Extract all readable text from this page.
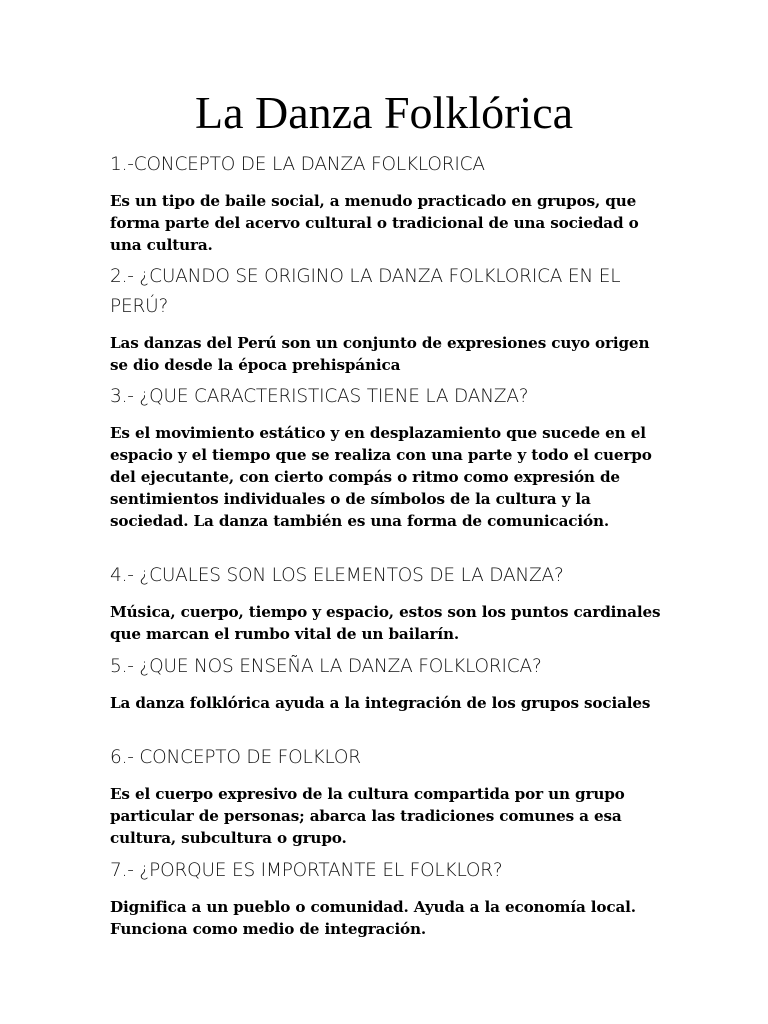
La Danza Folklórica

1.-CONCEPTO DE LA DANZA FOLKLORICA

Es un tipo de baile social, a menudo practicado en grupos, que forma parte del acervo cultural o tradicional de una sociedad o una cultura.

2.- ¿CUANDO SE ORIGINO LA DANZA FOLKLORICA EN EL PERÚ?

Las danzas del Perú son un conjunto de expresiones cuyo origen se dio desde la época prehispánica

3.- ¿QUE CARACTERISTICAS TIENE LA DANZA?

Es el movimiento estático y en desplazamiento que sucede en el espacio y el tiempo que se realiza con una parte y todo el cuerpo del ejecutante, con cierto compás o ritmo como expresión de sentimientos individuales o de símbolos de la cultura y la sociedad. La danza también es una forma de comunicación.

4.- ¿CUALES SON LOS ELEMENTOS DE LA DANZA?

Música, cuerpo, tiempo y espacio, estos son los puntos cardinales que marcan el rumbo vital de un bailarín.

5.- ¿QUE NOS ENSEÑA LA DANZA FOLKLORICA?

La danza folklórica ayuda a la integración de los grupos sociales

6.- CONCEPTO DE FOLKLOR

Es el cuerpo expresivo de la cultura compartida por un grupo particular de personas; abarca las tradiciones comunes a esa cultura, subcultura o grupo.

7.- ¿PORQUE ES IMPORTANTE EL FOLKLOR?

Dignifica a un pueblo o comunidad. Ayuda a la economía local. Funciona como medio de integración.
